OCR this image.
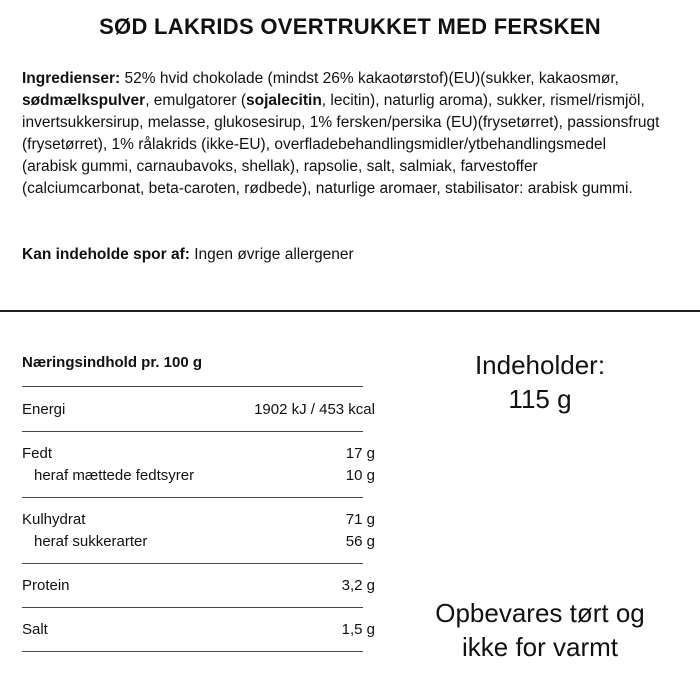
SØD LAKRIDS OVERTRUKKET MED FERSKEN
Ingredienser: 52% hvid chokolade (mindst 26% kakaotørstof)(EU)(sukker, kakaosmør, sødmælkspulver, emulgatorer (sojalecitin, lecitin), naturlig aroma), sukker, rismel/rismjöl, invertsukkersirup, melasse, glukosesirup, 1% fersken/persika (EU)(frysetørret), passionsfrugt (frysetørret), 1% rålakrids (ikke-EU), overfladebehandlingsmidler/ytbehandlingsmedel (arabisk gummi, carnaubavoks, shellak), rapsolie, salt, salmiak, farvestoffer (calciumcarbonat, beta-caroten, rødbede), naturlige aromaer, stabilisator: arabisk gummi.
Kan indeholde spor af: Ingen øvrige allergener
Næringsindhold pr. 100 g
Energi	1902 kJ / 453 kcal
Fedt	17 g
heraf mættede fedtsyrer	10 g
Kulhydrat	71 g
heraf sukkerarter	56 g
Protein	3,2 g
Salt	1,5 g
Indeholder:
115 g
Opbevares tørt og
ikke for varmt
